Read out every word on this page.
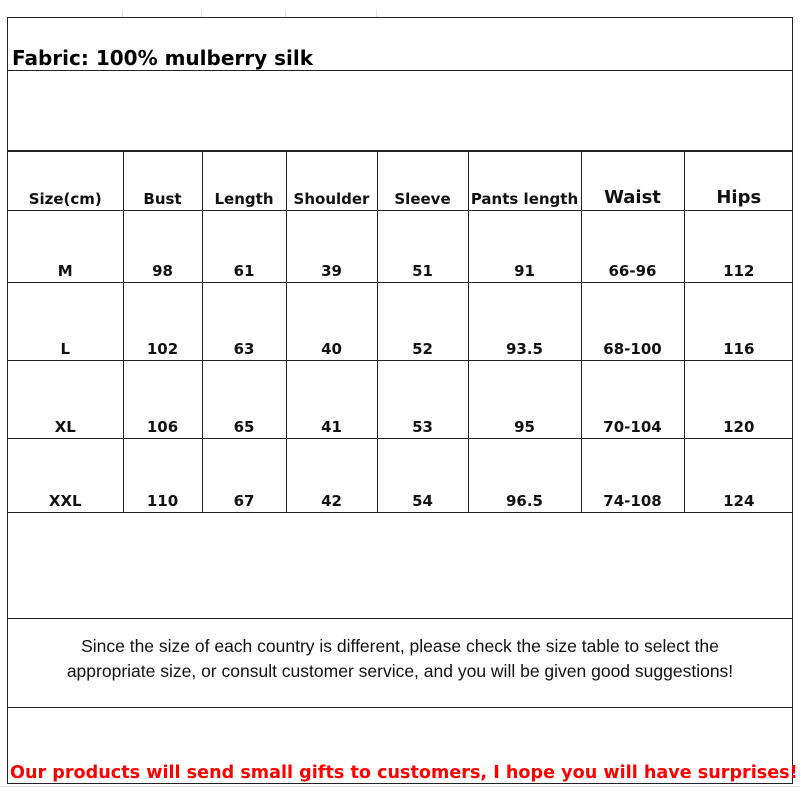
Fabric: 100% mulberry silk
Size(cm)	Bust	Length	Shoulder	Sleeve	Pants length	Waist	Hips
M	98	61	39	51	91	66-96	112
L	102	63	40	52	93.5	68-100	116
XL	106	65	41	53	95	70-104	120
XXL	110	67	42	54	96.5	74-108	124
Since the size of each country is different, please check the size table to select the appropriate size, or consult customer service, and you will be given good suggestions!
Our products will send small gifts to customers, I hope you will have surprises!
